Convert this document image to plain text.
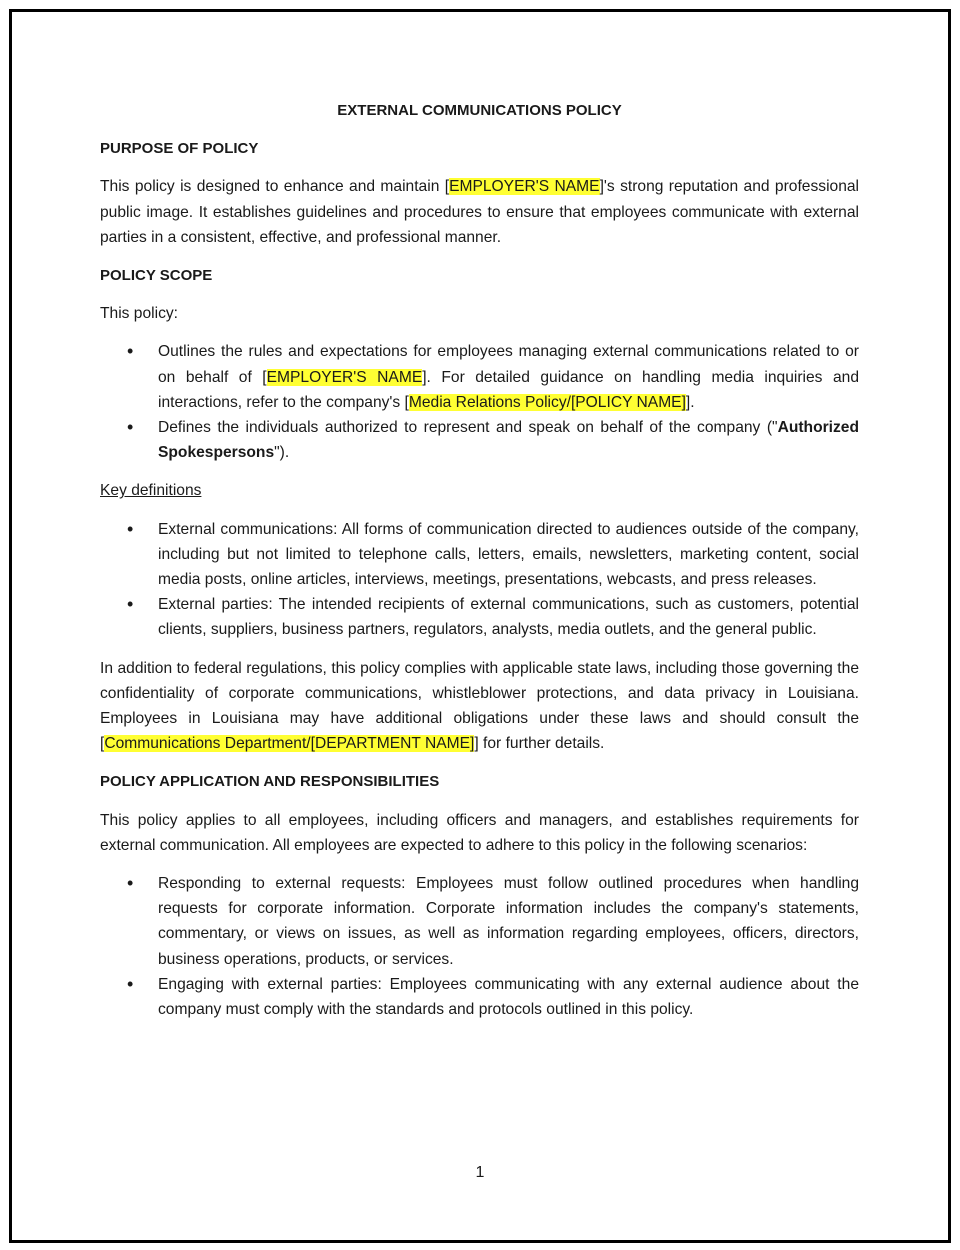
EXTERNAL COMMUNICATIONS POLICY
PURPOSE OF POLICY

This policy is designed to enhance and maintain [EMPLOYER'S NAME]'s strong reputation and professional public image. It establishes guidelines and procedures to ensure that employees communicate with external parties in a consistent, effective, and professional manner.

POLICY SCOPE

This policy:

• Outlines the rules and expectations for employees managing external communications related to or on behalf of [EMPLOYER'S NAME]. For detailed guidance on handling media inquiries and interactions, refer to the company's [Media Relations Policy/[POLICY NAME]].
• Defines the individuals authorized to represent and speak on behalf of the company ("Authorized Spokespersons").
Key definitions
• External communications: All forms of communication directed to audiences outside of the company, including but not limited to telephone calls, letters, emails, newsletters, marketing content, social media posts, online articles, interviews, meetings, presentations, webcasts, and press releases.
• External parties: The intended recipients of external communications, such as customers, potential clients, suppliers, business partners, regulators, analysts, media outlets, and the general public.

In addition to federal regulations, this policy complies with applicable state laws, including those governing the confidentiality of corporate communications, whistleblower protections, and data privacy in Louisiana. Employees in Louisiana may have additional obligations under these laws and should consult the [Communications Department/[DEPARTMENT NAME]] for further details.

POLICY APPLICATION AND RESPONSIBILITIES

This policy applies to all employees, including officers and managers, and establishes requirements for external communication. All employees are expected to adhere to this policy in the following scenarios:

• Responding to external requests: Employees must follow outlined procedures when handling requests for corporate information. Corporate information includes the company's statements, commentary, or views on issues, as well as information regarding employees, officers, directors, business operations, products, or services.
• Engaging with external parties: Employees communicating with any external audience about the company must comply with the standards and protocols outlined in this policy.
1
